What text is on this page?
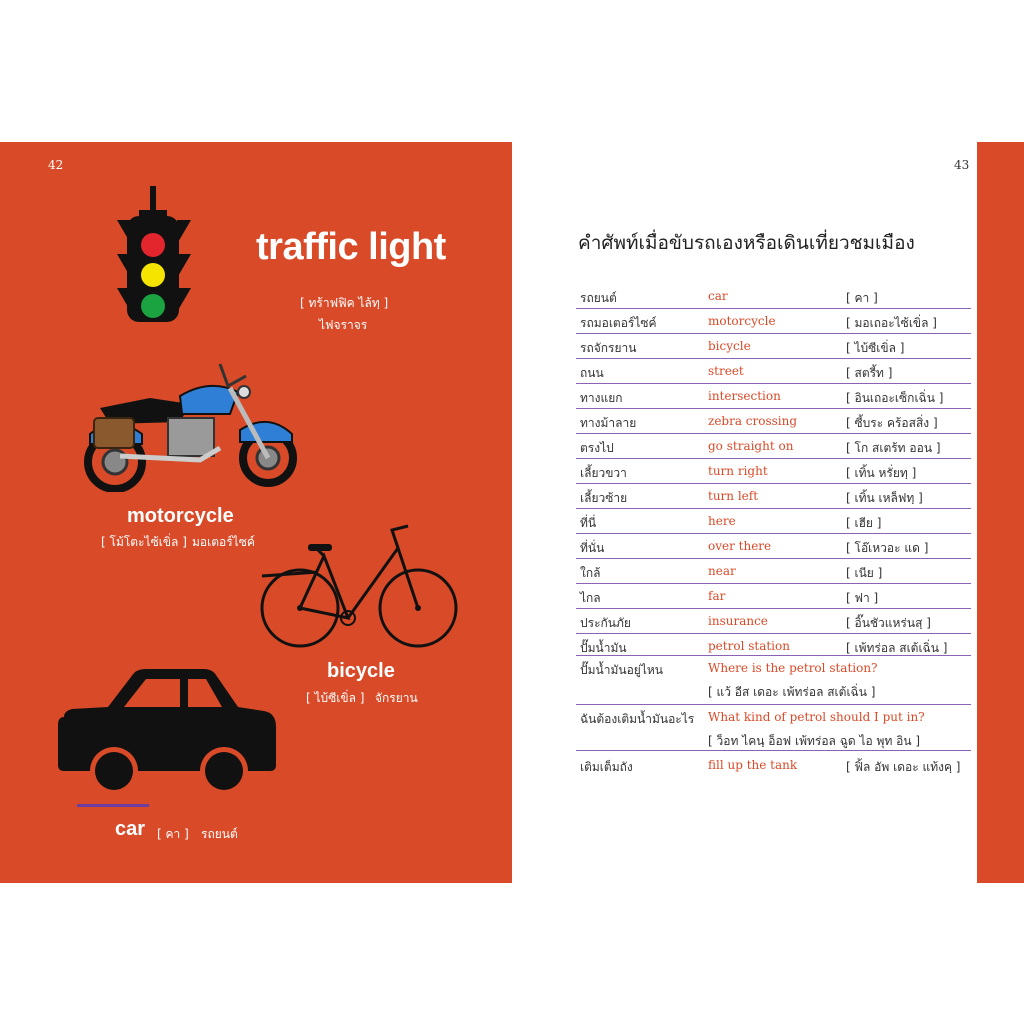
42	43
traffic light
[ ทร้าฟฟิค ไล้ทฺ ]
ไฟจราจร
motorcycle
[ โม้โตะไซ้เขิ่ล ] มอเตอร์ไซค์
bicycle
[ ไบ้ซีเขิ่ล ] จักรยาน
car [ คา ] รถยนต์
คำศัพท์เมื่อขับรถเองหรือเดินเที่ยวชมเมือง
รถยนต์	car	[ คา ]
รถมอเตอร์ไซค์	motorcycle	[ มอเถอะไซ้เขิ่ล ]
รถจักรยาน	bicycle	[ ไบ้ซีเขิ่ล ]
ถนน	street	[ สตรี้ท ]
ทางแยก	intersection	[ อินเถอะเซ็กเฉิ่น ]
ทางม้าลาย	zebra crossing	[ ซี้บระ คร้อสสิ่ง ]
ตรงไป	go straight on	[ โก สเตร้ท ออน ]
เลี้ยวขวา	turn right	[ เทิ้น หรั่ยทฺ ]
เลี้ยวซ้าย	turn left	[ เทิ้น เหล็ฟทฺ ]
ที่นี่	here	[ เฮีย ]
ที่นั่น	over there	[ โอ๊เหวอะ แด ]
ใกล้	near	[ เนีย ]
ไกล	far	[ ฟา ]
ประกันภัย	insurance	[ อิ๊นชัวแหร่นสฺ ]
ปั๊มน้ำมัน	petrol station	[ เพ้ทร่อล สเต้เฉิ่น ]
ปั๊มน้ำมันอยู่ไหน	Where is the petrol station?
[ แว้ อีส เดอะ เพ้ทร่อล สเต้เฉิ่น ]
ฉันต้องเติมน้ำมันอะไร What kind of petrol should I put in?
[ ว็อท ไคนฺ อ็อฟ เพ้ทร่อล ฉูด ไอ พุท อิน ]
เติมเต็มถัง	fill up the tank	[ ฟิ้ล อัพ เดอะ แท้งคฺ ]
